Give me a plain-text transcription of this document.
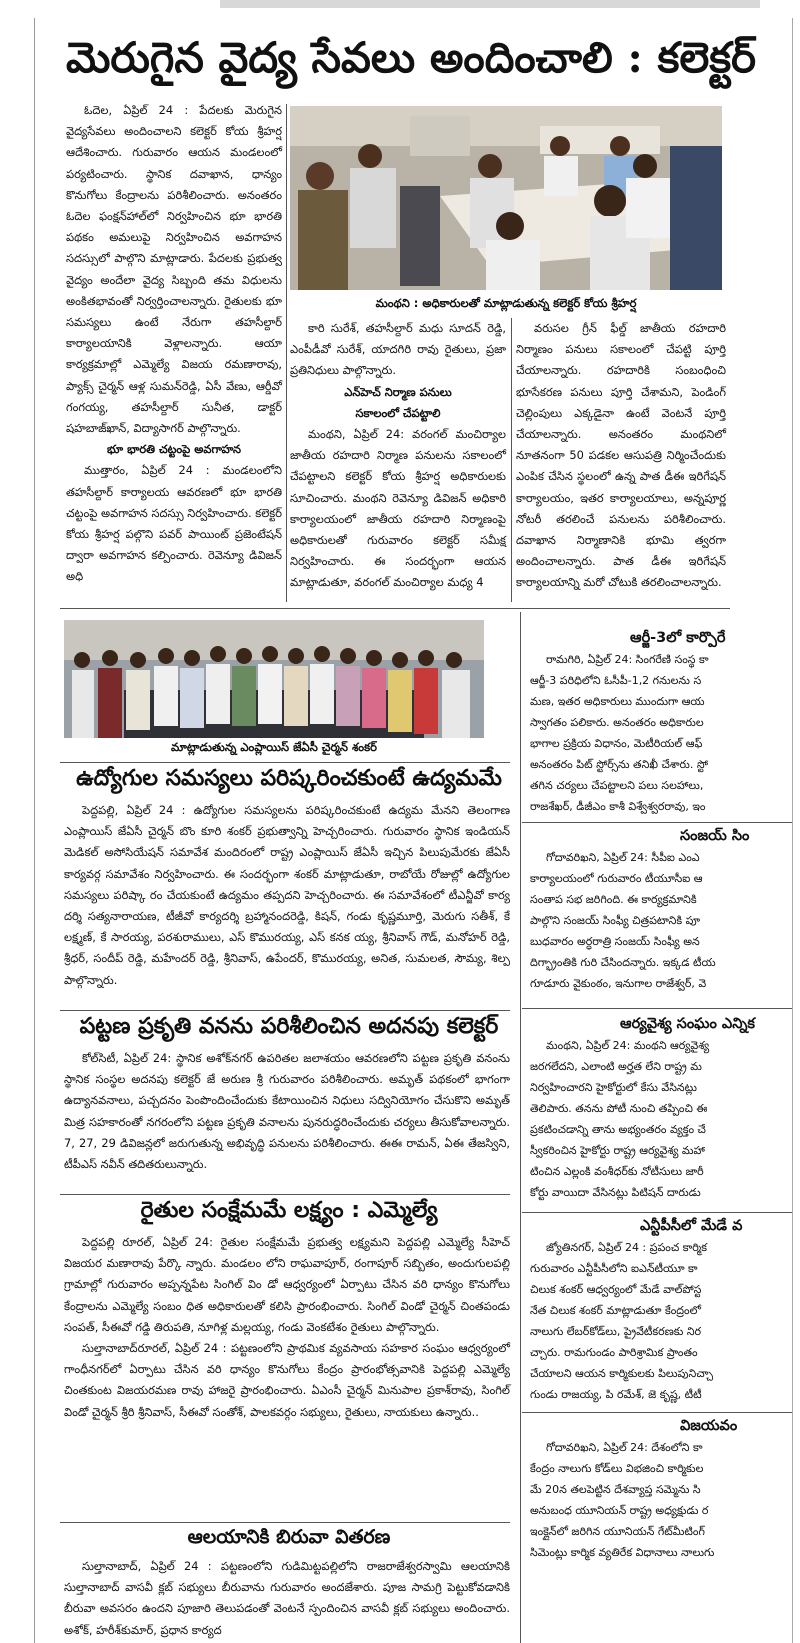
మెరుగైన వైద్య సేవలు అందించాలి : కలెక్టర్

ఓదెల, ఏప్రిల్ 24 : పేదలకు మెరుగైన వైద్యసేవలు అందించాలని కలెక్టర్ కోయ శ్రీహర్ష ఆదేశించారు. గురువారం ఆయన మండలంలో పర్యటించారు. స్థానిక దవాఖాన, ధాన్యం కొనుగోలు కేంద్రాలను పరిశీలించారు. అనంతరం ఓదెల ఫంక్షన్‌హాల్‌లో నిర్వహించిన భూ భారతి పథకం అమలుపై నిర్వహించిన అవగాహన సదస్సులో పాల్గొని మాట్లాడారు. పేదలకు ప్రభుత్వ వైద్యం అందేలా వైద్య సిబ్బంది తమ విధులను అంకితభావంతో నిర్వర్తించాలన్నారు. రైతులకు భూ సమస్యలు ఉంటే నేరుగా తహసీల్దార్ కార్యాలయానికి వెళ్లాలన్నారు. ఆయా కార్యక్రమాల్లో ఎమ్మెల్యే విజయ రమణారావు, ప్యాక్స్ చైర్మన్ ఆళ్ల సుమన్‌రెడ్డి, ఏసీ వేణు, ఆర్డీవో గంగయ్య, తహసీల్దార్ సునీత, డాక్టర్ షహబాజ్‌ఖాన్, విద్యాసాగర్ పాల్గొన్నారు.

భూ భారతి చట్టంపై అవగాహన

ముత్తారం, ఏప్రిల్ 24 : మండలంలోని తహసీల్దార్ కార్యాలయ ఆవరణలో భూ భారతి చట్టంపై అవగాహన సదస్సు నిర్వహించారు. కలెక్టర్ కోయ శ్రీహర్ష పల్గొని పవర్ పాయింట్ ప్రజెంటేషన్ ద్వారా అవగాహన కల్పించారు. రెవెన్యూ డివిజన్ అధి

మంథని : అధికారులతో మాట్లాడుతున్న కలెక్టర్ కోయ శ్రీహర్ష

కారి సురేశ్, తహసీల్దార్ మధు సూదన్ రెడ్డి, ఎంపీడీవో సురేశ్, యాదగిరి రావు రైతులు, ప్రజా ప్రతినిధులు పాల్గొన్నారు.

ఎన్‌హెచ్ నిర్మాణ పనులు

సకాలంలో చేపట్టాలి

మంథని, ఏప్రిల్ 24: వరంగల్ మంచిర్యాల జాతీయ రహదారి నిర్మాణ పనులను సకాలంలో చేపట్టాలని కలెక్టర్ కోయ శ్రీహర్ష అధికారులకు సూచించారు. మంథని రెవెన్యూ డివిజన్ అధికారి కార్యాలయంలో జాతీయ రహదారి నిర్మాణంపై అధికారులతో గురువారం కలెక్టర్ సమీక్ష నిర్వహించారు. ఈ సందర్భంగా ఆయన మాట్లాడుతూ, వరంగల్ మంచిర్యాల మధ్య 4

వరుసల గ్రీన్ ఫీల్డ్ జాతీయ రహదారి నిర్మాణం పనులు సకాలంలో చేపట్టి పూర్తి చేయాలన్నారు. రహదారికి సంబంధించి భూసేకరణ పనులు పూర్తి చేశామని, పెండింగ్ చెల్లింపులు ఎక్కడైనా ఉంటే వెంటనే పూర్తి చేయాలన్నారు. అనంతరం మంథనిలో నూతనంగా 50 పడకల ఆసుపత్రి నిర్మించేందుకు ఎంపిక చేసిన స్థలంలో ఉన్న పాత డీఈ ఇరిగేషన్ కార్యాలయం, ఇతర కార్యాలయాలు, అన్నపూర్ణ నోటరీ తరలించే పనులను పరిశీలించారు. దవాఖాన నిర్మాణానికి భూమి త్వరగా అందించాలన్నారు. పాత డీఈ ఇరిగేషన్ కార్యాలయాన్ని మరో చోటుకి తరలించాలన్నారు.

మాట్లాడుతున్న ఎంప్లాయిస్ జేఏసీ చైర్మన్ శంకర్
ఉద్యోగుల సమస్యలు పరిష్కరించకుంటే ఉద్యమమే

పెద్దపల్లి, ఏప్రిల్ 24 : ఉద్యోగుల సమస్యలను పరిష్కరించకుంటే ఉద్యమ మేనని తెలంగాణ ఎంప్లాయిస్ జేఏసీ చైర్మన్ బొం కూరి శంకర్ ప్రభుత్వాన్ని హెచ్చరించారు. గురువారం స్థానిక ఇండియన్ మెడికల్ అసోసియేషన్ సమావేశ మందిరంలో రాష్ట్ర ఎంప్లాయిస్ జేఏసీ ఇచ్చిన పిలుపుమేరకు జేఏసీ కార్యవర్గ సమావేశం నిర్వహించారు. ఈ సందర్భంగా శంకర్ మాట్లాడుతూ, రాబోయే రోజుల్లో ఉద్యోగుల సమస్యలు పరిష్కా రం చేయకుంటే ఉద్యమం తప్పదని హెచ్చరించారు. ఈ సమావేశంలో టీఎన్జీవో కార్య దర్శి సత్యనారాయణ, టీజీవో కార్యదర్శి బ్రహ్మానందరెడ్డి, కిషన్, గండు కృష్ణమూర్తి, మెరుగు సతీశ్, కే లక్ష్మణ్, కే సారయ్య, పరశురాములు, ఎస్ కొమురయ్య, ఎస్ కనక య్య, శ్రీనివాస్ గౌడ్, మనోహర్ రెడ్డి, శ్రీధర్, సందీప్ రెడ్డి, మహేందర్ రెడ్డి, శ్రీనివాస్, ఉపేందర్, కొమురయ్య, అనిత, సుమలత, సౌమ్య, శిల్ప పాల్గొన్నారు.

పట్టణ ప్రకృతి వనను పరిశీలించిన అదనపు కలెక్టర్

కోల్‌సిటీ, ఏప్రిల్ 24: స్థానిక అశోక్‌నగర్ ఉపరితల జలాశయం ఆవరణలోని పట్టణ ప్రకృతి వనంను స్థానిక సంస్థల అదనపు కలెక్టర్ జే అరుణ శ్రీ గురువారం పరిశీలించారు. అమృత్ పథకంలో భాగంగా ఉద్యానవనాలు, పచ్చదనం పెంపొందించేందుకు కేటాయించిన నిధులు సద్వినియోగం చేసుకొని అమృత్ మిత్ర సహకారంతో నగరంలోని పట్టణ ప్రకృతి వనాలను పునరుద్ధరించేందుకు చర్యలు తీసుకోవాలన్నారు. 7, 27, 29 డివిజన్లలో జరుగుతున్న అభివృద్ధి పనులను పరిశీలించారు. ఈఈ రామన్, ఏఈ తేజస్విని, టీపీఎస్ నవీన్ తదితరులున్నారు.

రైతుల సంక్షేమమే లక్ష్యం : ఎమ్మెల్యే

పెద్దపల్లి రూరల్, ఏప్రిల్ 24: రైతుల సంక్షేమమే ప్రభుత్వ లక్ష్యమని పెద్దపల్లి ఎమ్మెల్యే సీహెచ్ విజయర మణారావు పేర్కొ న్నారు. మండలం లోని రాఘవాపూర్, రంగాపూర్ సబ్బితం, అందుగులపల్లి గ్రామాల్లో గురువారం అప్పన్నపేట సింగిల్ విం డో ఆధ్వర్యంలో ఏర్పాటు చేసిన వరి ధాన్యం కొనుగోలు కేంద్రాలను ఎమ్మెల్యే సంబం ధిత అధికారులతో కలిసి ప్రారంభించారు. సింగిల్ విండో చైర్మన్ చింతపండు సంపత్, సీఈవో గడ్డి తిరుపతి, నూగిళ్ల మల్లయ్య, గండు వెంకటేశం రైతులు పాల్గొన్నారు.

సుల్తానాబాద్‌రూరల్, ఏప్రిల్ 24 : పట్టణంలోని ప్రాథమిక వ్యవసాయ సహకార సంఘం ఆధ్వర్యంలో గాంధీనగర్‌లో ఏర్పాటు చేసిన వరి ధాన్యం కొనుగోలు కేంద్రం ప్రారంభోత్సవానికి పెద్దపల్లి ఎమ్మెల్యే చింతకుంట విజయరమణ రావు హాజరై ప్రారంభించారు. ఏఎంసీ చైర్మన్ మినుపాల ప్రకాశ్‌రావు, సింగిల్ విండో చైర్మన్ శ్రీరి శ్రీనివాస్, సీఈవో సంతోశ్, పాలకవర్గం సభ్యులు, రైతులు, నాయకులు ఉన్నారు..

ఆలయానికి బిరువా వితరణ

సుల్తానాబాద్, ఏప్రిల్ 24 : పట్టణంలోని గుడిమిట్టపల్లిలోని రాజరాజేశ్వరస్వామి ఆలయానికి సుల్తానాబాద్ వాసవీ క్లబ్ సభ్యులు బీరువాను గురువారం అందజేశారు. పూజ సామగ్రి పెట్టుకోవడానికి బీరువా అవసరం ఉందని పూజారి తెలుపడంతో వెంటనే స్పందించిన వాసవీ క్లబ్ సభ్యులు అందించారు. అశోక్, హరీశ్‌కుమార్, ప్రధాన కార్యద

ఆర్జీ-3లో కార్పొరే

రామగిరి, ఏప్రిల్ 24: సింగరేణి సంస్థ కా

ఆర్జీ-3 పరిధిలోని ఓసీపీ-1,2 గనులను స

మణ, ఇతర అధికారులు ముందుగా ఆయ

స్వాగతం పలికారు. అనంతరం అధికారుల

భాగాల ప్రక్రియ విధానం, మెటీరియల్ ఆఫ్

అనంతరం పిట్ స్టోర్స్‌ను తనిఖీ చేశారు. స్టో

తగిన చర్యలు చేపట్టాలని పలు సలహాలు,

రాజశేఖర్, డీజీఎం కాశీ విశ్వేశ్వరరావు, ఇం

సంజయ్ సిం

గోదావరిఖని, ఏప్రిల్ 24: సీపీఐ ఎంఎ

కార్యాలయంలో గురువారం టీయూసీఐ ఆ

సంతాప సభ జరిగింది. ఈ కార్యక్రమానికి

పాల్గొని సంజయ్ సింఫ్యీ చిత్రపటానికి పూ

బుధవారం అర్ధరాత్రి సంజయ్ సింఫ్యీ అన

దిగ్భ్రాంతికి గురి చేసిందన్నారు. ఇక్కడ టీయ

గూడూరు వైకుంఠం, ఇనుగాల రాజేశ్వర్, వె

ఆర్యవైశ్య సంఘం ఎన్నిక

మంథని, ఏప్రిల్ 24: మంథని ఆర్యవైశ్య

జరగలేదని, ఎలాంటి అర్హత లేని రాష్ట్ర మ

నిర్వహించారని హైకోర్టులో కేసు వేసినట్లు

తెలిపారు. తనను పోటీ నుంచి తప్పించి ఈ

ప్రకటించడాన్ని తాను అభ్యంతరం వ్యక్తం చే

స్వీకరించిన హైకోర్టు రాష్ట్ర ఆర్యవైశ్య మహా

టించిన ఎల్లంకి వంశీధర్‌కు నోటీసులు జారీ

కోర్టు వాయిదా వేసినట్లు పిటిషన్ దారుడు

ఎన్టీపీసీలో మేడే వ

జ్యోతినగర్, ఏప్రిల్ 24 : ప్రపంచ కార్మిక

గురువారం ఎన్టీపీసీలోని ఐఎన్‌టీయూ కా

చిలుక శంకర్ ఆధ్వర్యంలో మేడే వాల్‌పోస్ట

నేత చిలుక శంకర్ మాట్లాడుతూ కేంద్రంలో

నాలుగు లేబర్‌కోడ్‌లు, ప్రైవేటీకరణకు నిర

చ్చారు. రామగుండం పారిశ్రామిక ప్రాంతం

చేయాలని ఆయన కార్మికులకు పిలుపునిచ్చా

గుండు రాజయ్య, పి రమేశ్, జె కృష్ణ, టీటీ

విజయవం

గోదావరిఖని, ఏప్రిల్ 24: దేశంలోని కా

కేంద్రం నాలుగు కోడ్‌లు విభజించి కార్మికుల

మే 20న తలపెట్టిన దేశవ్యాప్త సమ్మెను సి

అనుబంధ యూనియన్ రాష్ట్ర అధ్యక్షుడు ర

ఇంక్లైన్‌లో జరిగిన యూనియన్ గేట్‌మీటింగ్

సిమెంట్లు కార్మిక వ్యతిరేక విధానాలు నాలుగు
